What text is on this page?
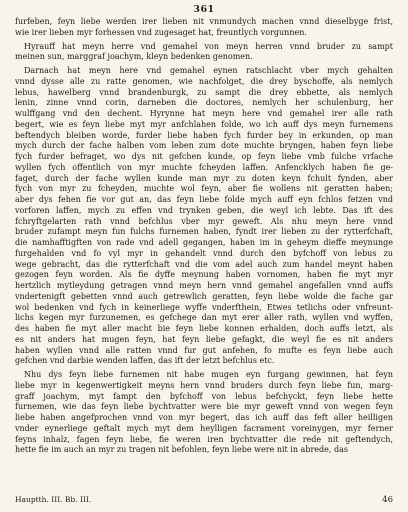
361
furfeben, feyn liebe werden irer lieben nit vnmundych machen vnnd dieselbyge frist,
wie irer lieben myr forhessen vnd zugesaget hat, freuntlych vorgunnen.
Hyrauff hat meyn herre vnd gemahel von meyn herren vnnd bruder zu sampt
meinen sun, marggraf joachym, kleyn bedenken genomen.
Darnach hat meyn here vnd gemahel eynen ratschlacht vber mych gehalten
vnnd dysse alle zu ratte genomen, wie nachfolget, die drey byschoffe, als nemlych
lebus, hawelberg vnnd brandenburgk, zu sampt die drey ebbette, als nemlych
lenin, zinne vnnd corin, darneben die doctores, nemlych her schulenburg, her
wulffgang vnd den dechent. Hyrynne hat meyn here vnd gemahel irer alle rath
begert, wie es feyn liebe myt myr anfchlahen folde, wo ich auff dys meyn furnemens
beftendych bleiben worde, furder liebe haben fych furder bey in erkunden, op man
mych durch der fache halben vom leben zum dote muchte bryngen, haben feyn liebe
fych furder befraget, wo dys nit gefchen kunde, op feyn liebe vmb fulche vrfache
wyllen fych offentlich von myr muchte fcheyden laffen. Anfencklych haben fie ge-
faget, durch der fache wyllen kunde man myr zu doten keyn fchult fynden, aber
fych von myr zu fcheyden, muchte wol feyn, aber fie wollens nit geratten haben;
aber dys fehen fie vor gut an, das feyn liebe folde mych auff eyn fchlos fetzen vnd
vorforen laffen, mych zu effen vnd trynken geben, die weyl ich lebte. Das ift des
fchryftgelarten rath vnnd befchlus vber myr geweft. Als nhu meyn here vnnd
bruder zufampt meyn fun fulchs furnemen haben, fyndt irer lieben zu der rytterfchaft,
die namhafftigften von rade vnd adell gegangen, haben im in geheym dieffe meynunge
furgehalden vnd fo vyl myr in gehandelt vnnd durch den byfchoff von lebus zu
wege gebracht, das die rytterfchaft vnd die vom adel auch zum handel meynt haben
gezogen feyn worden. Als fie dyffe meynung haben vornomen, haben fie myt myr
hertzlich mytleydung getragen vnnd meyn hern vnnd gemahel angefallen vnnd auffs
vndertenigft gebetten vnnd auch getrewlich geratten, feyn liebe wolde die fache gar
wol bedenken vnd fych in keinerliege wyffe vnderfthein, Etwes tetlichs oder vnfreunt-
lichs kegen myr furzunemen, es gefchege dan myt erer aller rath, wyllen vnd wyffen,
des haben fie myt aller macht bie feyn liebe konnen erhalden, doch auffs letzt, als
es nit anders hat mugen feyn, hat feyn liebe gefagkt, die weyl fie es nit anders
haben wyllen vnnd alle ratten vnnd fur gut anfehen, fo mufte es feyn liebe auch
gefchen vnd darbie wenden laffen, das ift der letzt befchlus etc.
Nhu dys feyn liebe furnemen nit habe mugen eyn furgang gewinnen, hat feyn
liebe myr in kegenwertigkeit meyns hern vnnd bruders durch feyn liebe fun, marg-
graff joachym, myt fampt den byfchoff von lebus befchyckt, feyn liebe hette
furnemen, wie das feyn liebe bychtvatter were bie myr geweft vnnd von wegen feyn
liebe haben angefprochen vnnd von myr begert, das ich auff das feft aller heilligen
vnder eynerliege geftalt mych myt dem heylligen facrament voreinygen, myr ferner
feyns inhalz, fagen feyn liebe, fie weren iren bychtvatter die rede nit geftendych,
hette fie im auch an myr zu tragen nit befohlen, feyn liebe were nit in abrede, das
Hauptth. III. Bb. III.	46
